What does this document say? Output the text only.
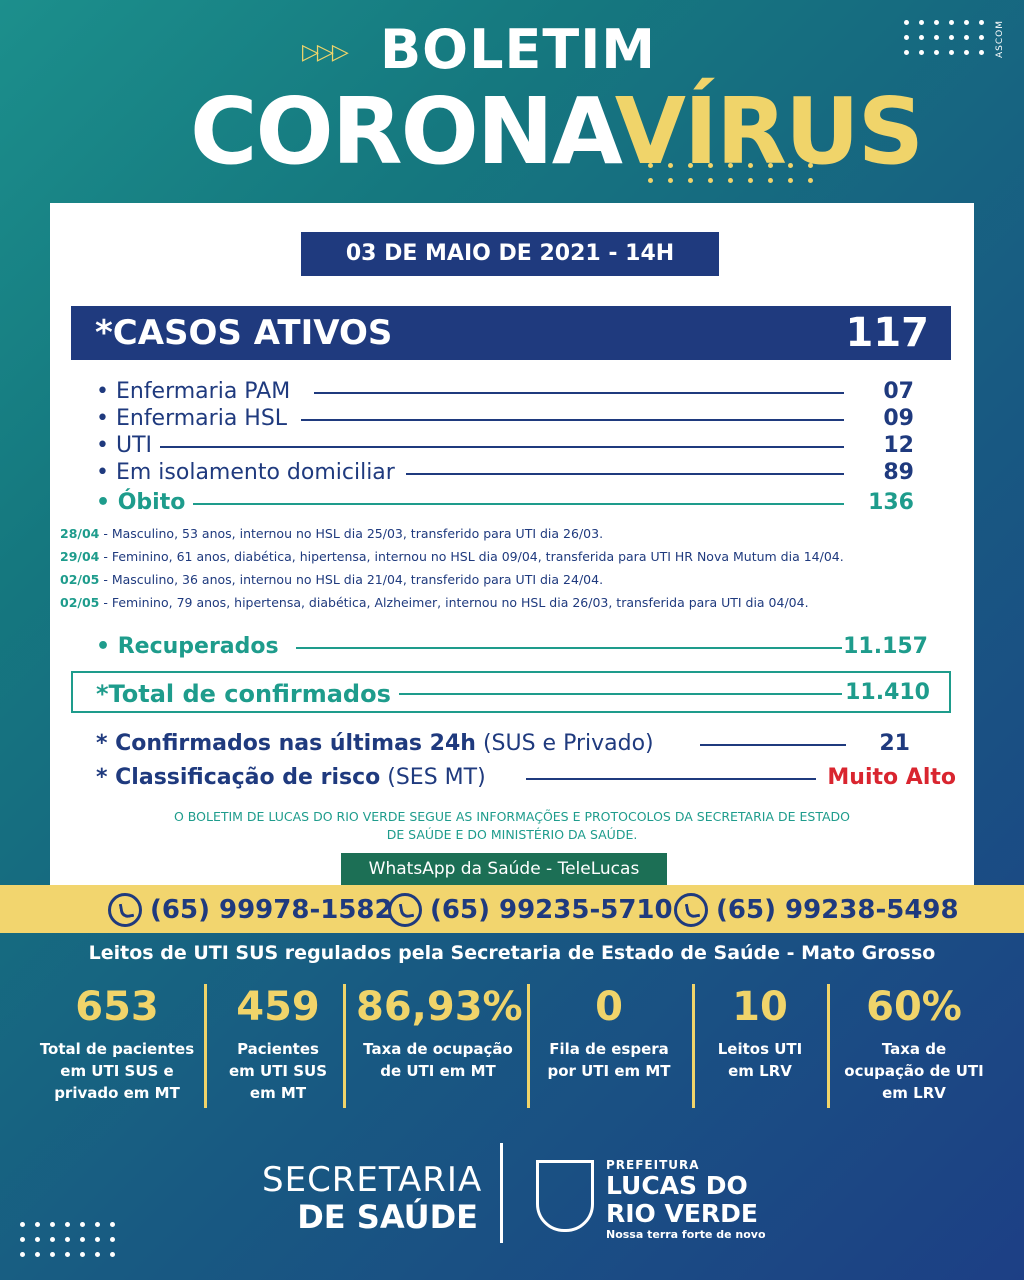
ASCOM
▷▷▷ BOLETIM
CORONAVÍRUS
03 DE MAIO DE 2021 - 14H
*CASOS ATIVOS	117
• Enfermaria PAM	07
• Enfermaria HSL	09
• UTI	12
• Em isolamento domiciliar	89
• Óbito	136
28/04 - Masculino, 53 anos, internou no HSL dia 25/03, transferido para UTI dia 26/03.
29/04 - Feminino, 61 anos, diabética, hipertensa, internou no HSL dia 09/04, transferida para UTI HR Nova Mutum dia 14/04.
02/05 - Masculino, 36 anos, internou no HSL dia 21/04, transferido para UTI dia 24/04.
02/05 - Feminino, 79 anos, hipertensa, diabética, Alzheimer, internou no HSL dia 26/03, transferida para UTI dia 04/04.
• Recuperados	11.157
*Total de confirmados	11.410
* Confirmados nas últimas 24h (SUS e Privado)	21
* Classificação de risco (SES MT)	Muito Alto
O BOLETIM DE LUCAS DO RIO VERDE SEGUE AS INFORMAÇÕES E PROTOCOLOS DA SECRETARIA DE ESTADO DE SAÚDE E DO MINISTÉRIO DA SAÚDE.
WhatsApp da Saúde - TeleLucas
(65) 99978-1582 (65) 99235-5710 (65) 99238-5498
Leitos de UTI SUS regulados pela Secretaria de Estado de Saúde - Mato Grosso
653
Total de pacientes em UTI SUS e privado em MT
459
Pacientes em UTI SUS em MT
86,93%
Taxa de ocupação de UTI em MT
0
Fila de espera por UTI em MT
10
Leitos UTI em LRV
60%
Taxa de ocupação de UTI em LRV
SECRETARIA
DE SAÚDE
PREFEITURA
LUCAS DO
RIO VERDE
Nossa terra forte de novo
